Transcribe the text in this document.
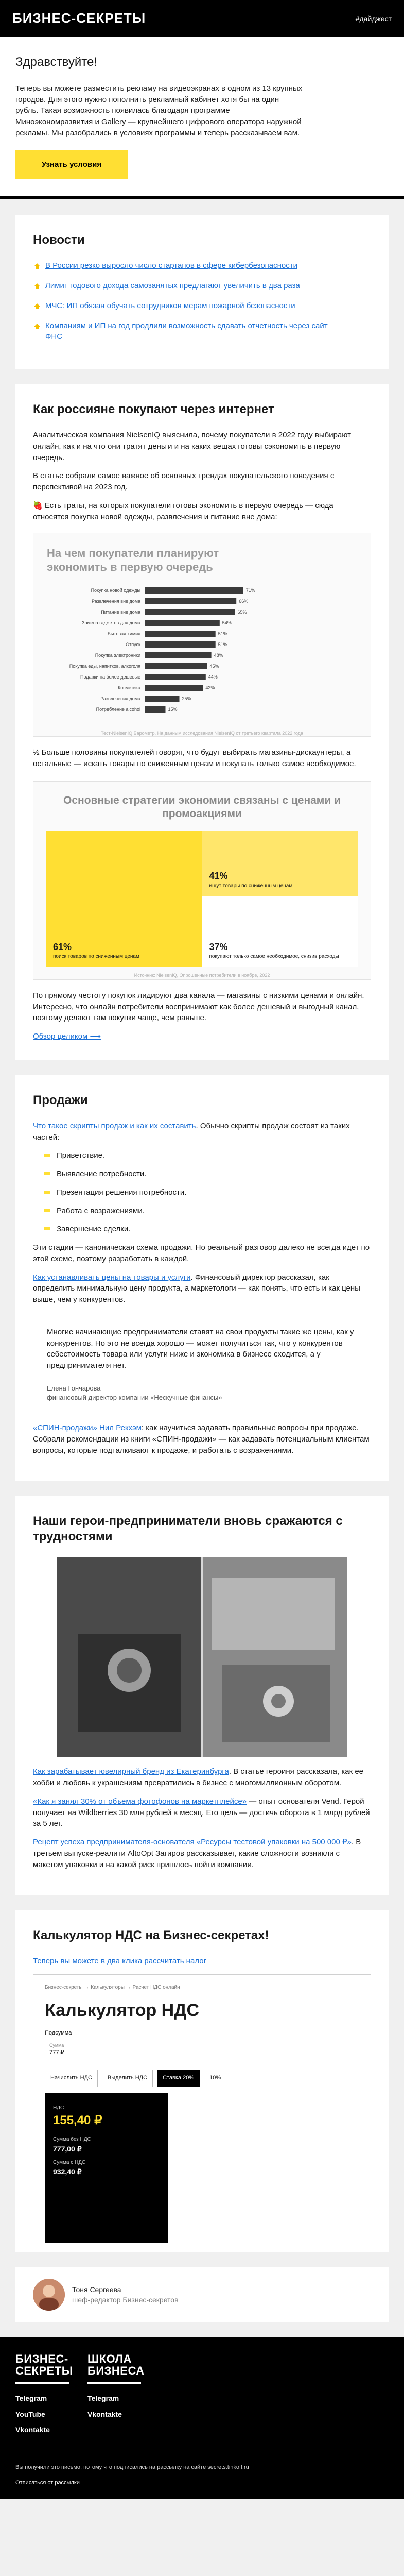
БИЗНЕС-СЕКРЕТЫ	#дайджест
Здравствуйте!

Теперь вы можете разместить рекламу на видеоэкранах в одном из 13 крупных городов. Для этого нужно пополнить рекламный кабинет хотя бы на один рубль. Такая возможность появилась благодаря программе Миноэкономразвития и Gallery — крупнейшего цифрового оператора наружной рекламы. Мы разобрались в условиях программы и теперь рассказываем вам.

Узнать условия
Новости
В России резко выросло число стартапов в сфере кибербезопасности
Лимит годового дохода самозанятых предлагают увеличить в два раза
МЧС: ИП обязан обучать сотрудников мерам пожарной безопасности
Компаниям и ИП на год продлили возможность сдавать отчетность через сайт ФНС
Как россияне покупают через интернет

Аналитическая компания NielsenIQ выяснила, почему покупатели в 2022 году выбирают онлайн, как и на что они тратят деньги и на каких вещах готовы сэкономить в первую очередь.

В статье собрали самое важное об основных трендах покупательского поведения с перспективой на 2023 год.

🍓 Есть траты, на которых покупатели готовы экономить в первую очередь — сюда относятся покупка новой одежды, развлечения и питание вне дома:

На чем покупатели планируют экономить в первую очередь
Покупка новой одежды	71%
Развлечения вне дома	66%
Питание вне дома	65%
Замена гаджетов для дома	54%
Бытовая химия	51%
Отпуск	51%
Покупка электроники	48%
Покупка еды, напитков, алкоголя	45%
Подарки на более дешевые	44%
Косметика	42%
Развлечения дома	25%
Потребление alcohol	15%
Тест-NielsenIQ Барометр, На данным исследования NielsenIQ от третьего квартала 2022 года

½ Больше половины покупателей говорят, что будут выбирать магазины-дискаунтеры, а остальные — искать товары по сниженным ценам и покупать только самое необходимое.

Основные стратегии экономии связаны с ценами и промоакциями
61%
поиск товаров по сниженным ценам
41%
ищут товары по сниженным ценам
37%
покупают только самое необходимое, снизив расходы
Источник: NielsenIQ, Опрошенные потребители в ноябре, 2022

По прямому честоту покупок лидируют два канала — магазины с низкими ценами и онлайн. Интересно, что онлайн потребители воспринимают как более дешевый и выгодный канал, поэтому делают там покупки чаще, чем раньше.

Обзор целиком ⟶
Продажи

Что такое скрипты продаж и как их составить. Обычно скрипты продаж состоят из таких частей:

Приветствие.
Выявление потребности.
Презентация решения потребности.
Работа с возражениями.
Завершение сделки.

Эти стадии — каноническая схема продажи. Но реальный разговор далеко не всегда идет по этой схеме, поэтому разработать в каждой.

Как устанавливать цены на товары и услуги. Финансовый директор рассказал, как определить минимальную цену продукта, а маркетологи — как понять, что есть и как цены выше, чем у конкурентов.

Многие начинающие предприниматели ставят на свои продукты такие же цены, как у конкурентов. Но это не всегда хорошо — может получиться так, что у конкурентов себестоимость товара или услуги ниже и экономика в бизнесе сходится, а у предпринимателя нет.

Елена Гончарова
финансовый директор компании «Нескучные финансы»

«СПИН-продажи» Нил Рекхэм: как научиться задавать правильные вопросы при продаже. Собрали рекомендации из книги «СПИН-продажи» — как задавать потенциальным клиентам вопросы, которые подталкивают к продаже, и работать с возражениями.

Наши герои-предприниматели вновь сражаются с трудностями

Как зарабатывает ювелирный бренд из Екатеринбурга. В статье героиня рассказала, как ее хобби и любовь к украшениям превратились в бизнес с многомиллионным оборотом.

«Как я занял 30% от объема фотофонов на маркетплейсе» — опыт основателя Vend. Герой получает на Wildberries 30 млн рублей в месяц. Его цель — достичь оборота в 1 млрд рублей за 5 лет.

Рецепт успеха предпринимателя-основателя «Ресурсы тестовой упаковки на 500 000 ₽». В третьем выпуске-реалити AltoOpt Загиров рассказывает, какие сложности возникли с макетом упаковки и на какой риск пришлось пойти компании.

Калькулятор НДС на Бизнес-секретах!
Теперь вы можете в два клика рассчитать налог
Бизнес-секреты → Калькуляторы → Расчет НДС онлайн
Калькулятор НДС
Подсумма
Сумма
777 ₽
Начислить НДС	Выделить НДС	Ставка 20%	10%
НДС
155,40 ₽
Сумма без НДС
777,00 ₽
Сумма с НДС
932,40 ₽
Тоня Сергеева
шеф-редактор Бизнес-секретов
БИЗНЕС-СЕКРЕТЫ
Telegram
YouTube
Vkontakte
ШКОЛА БИЗНЕСА
Telegram
Vkontakte
Вы получили это письмо, потому что подписались на рассылку на сайте secrets.tinkoff.ru
Отписаться от рассылки
